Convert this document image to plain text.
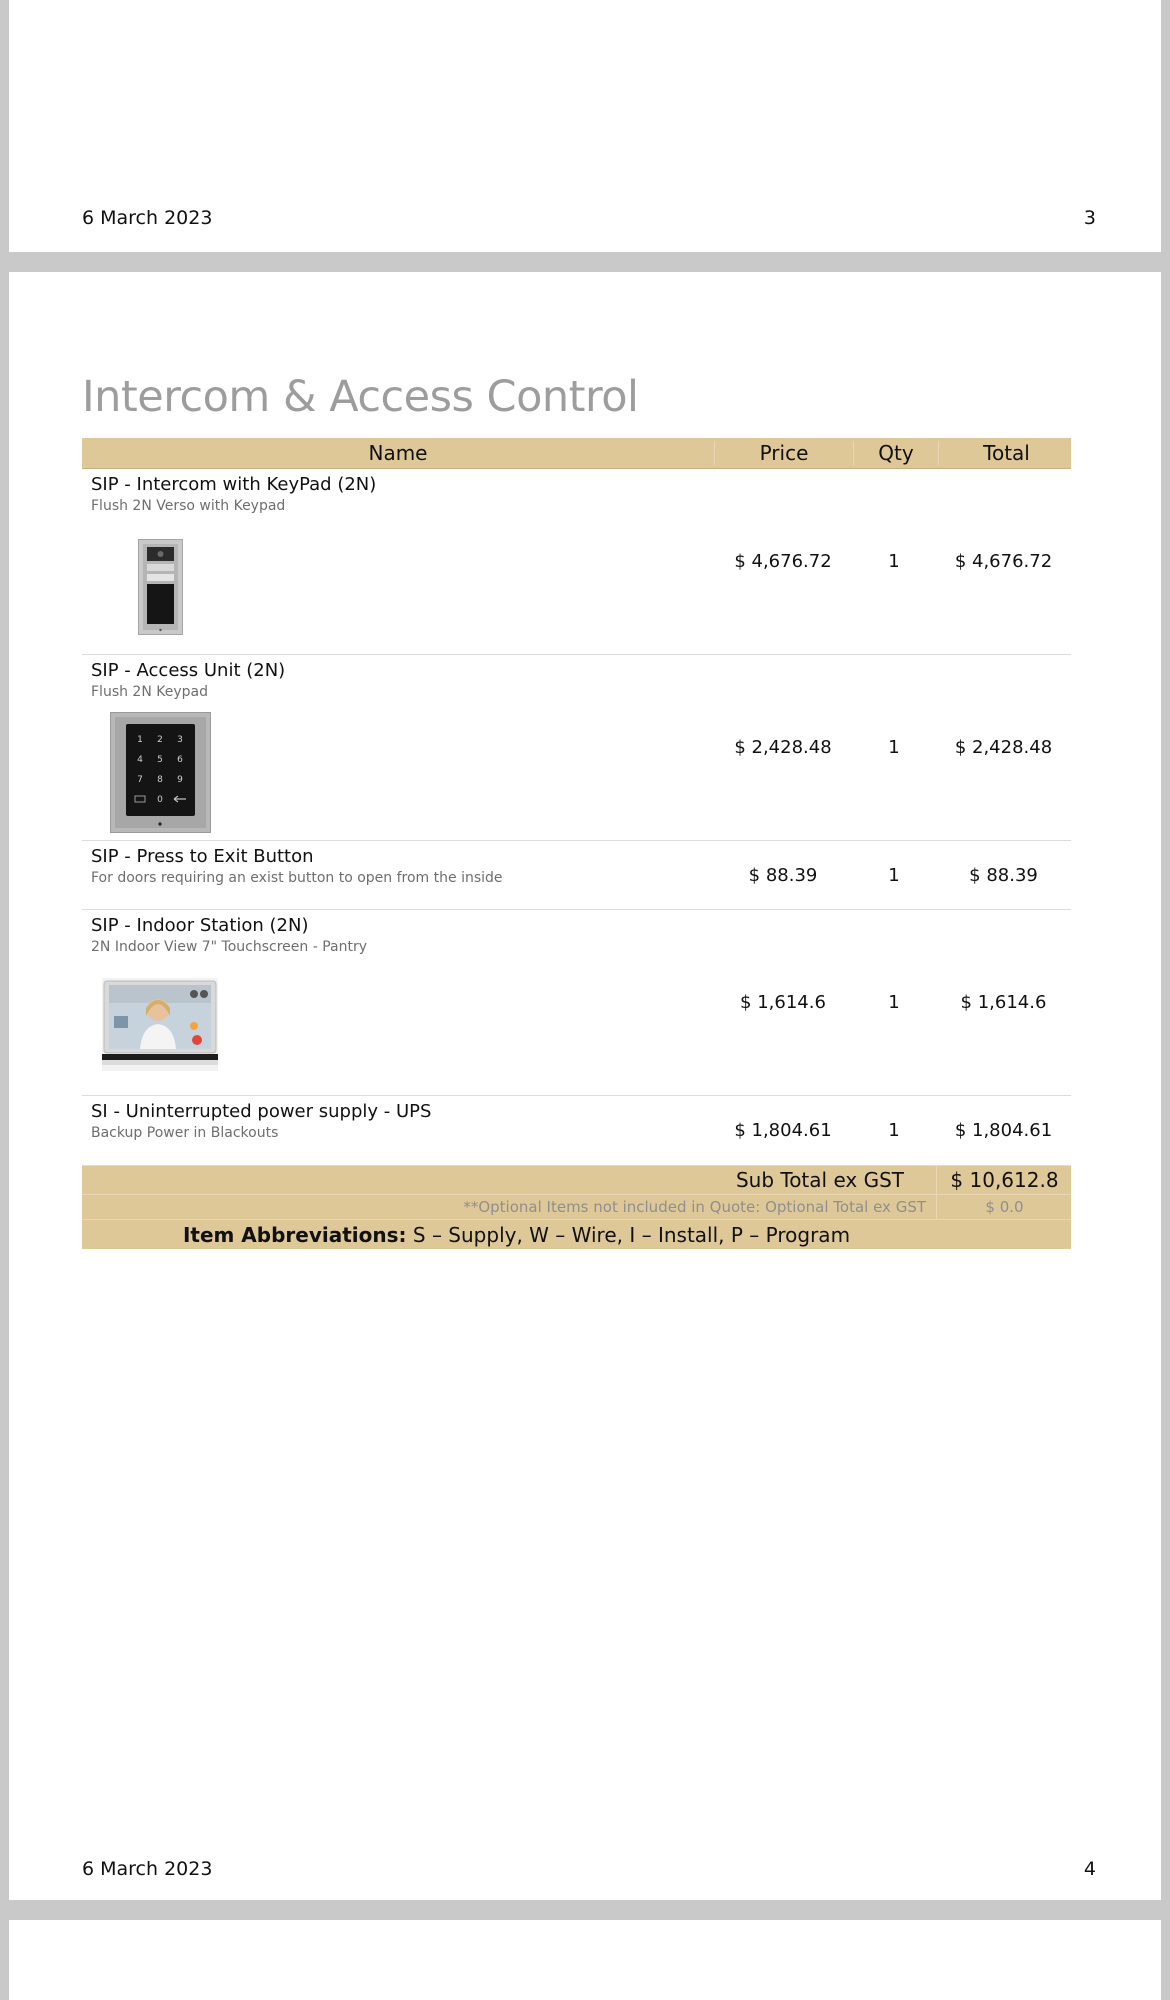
6 March 2023	3
Intercom & Access Control
Name	Price	Qty	Total
SIP - Intercom with KeyPad (2N)
Flush 2N Verso with Keypad
$ 4,676.72	1	$ 4,676.72
SIP - Access Unit (2N)
Flush 2N Keypad
1 2 3
4 5 6
7 8 9
0
$ 2,428.48	1	$ 2,428.48
SIP - Press to Exit Button
For doors requiring an exist button to open from the inside	$ 88.39	1	$ 88.39
SIP - Indoor Station (2N)
2N Indoor View 7" Touchscreen - Pantry
$ 1,614.6	1	$ 1,614.6
SI - Uninterrupted power supply - UPS
Backup Power in Blackouts	$ 1,804.61	1	$ 1,804.61
Sub Total ex GST	$ 10,612.8
**Optional Items not included in Quote: Optional Total ex GST	$ 0.0
Item Abbreviations: S – Supply, W – Wire, I – Install, P – Program
6 March 2023	4
